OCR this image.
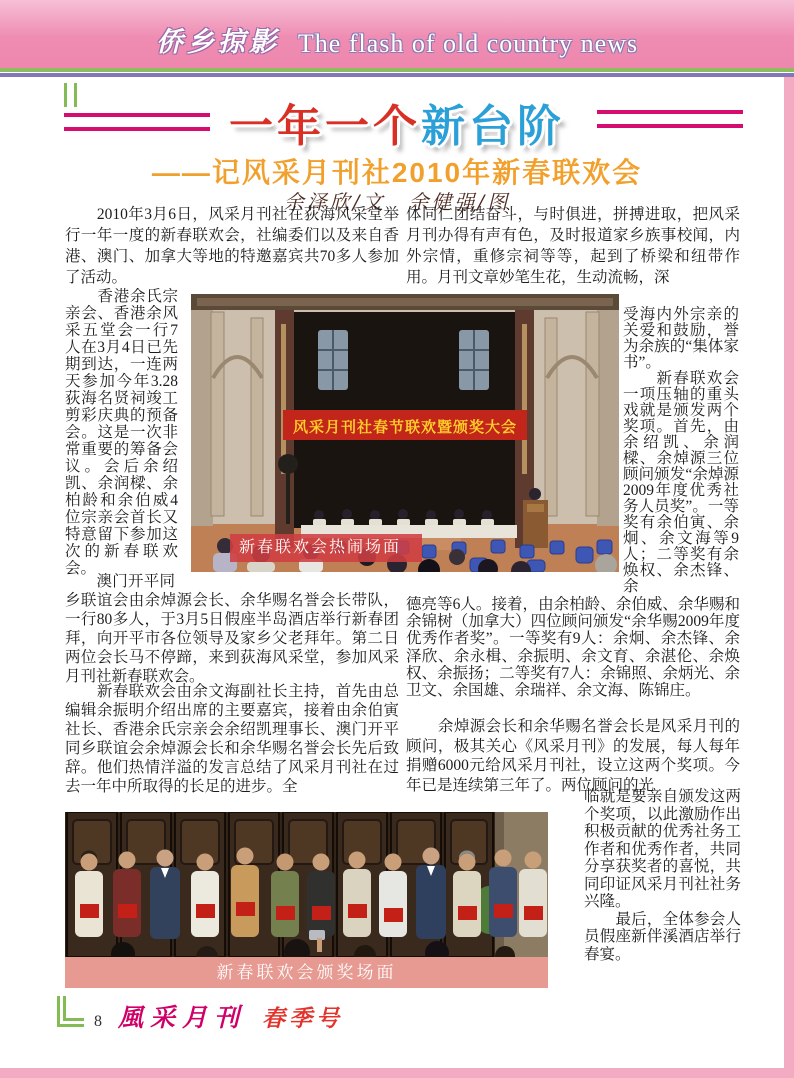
侨乡掠影 The flash of old country news
一年一个新台阶
——记风采月刊社2010年新春联欢会
余泽欣/文　余健强/图
　　2010年3月6日，风采月刊社在荻海风采堂举行一年一度的新春联欢会，社编委们以及来自香港、澳门、加拿大等地的特邀嘉宾共70多人参加了活动。
　　香港余氏宗亲会、香港余风采五堂会一行7人在3月4日已先期到达，一连两天参加今年3.28荻海名贤祠竣工剪彩庆典的预备会。这是一次非常重要的筹备会议。会后余绍凯、余润樑、余柏龄和余伯威4位宗亲会首长又特意留下参加这次的新春联欢会。
　　澳门开平同乡联谊会由余焯源会长、余华赐名誉会长带队，一行80多人，于3月5日假座半岛酒店举行新春团拜，向开平市各位领导及家乡父老拜年。第二日两位会长马不停蹄，来到荻海风采堂，参加风采月刊社新春联欢会。
　　新春联欢会由余文海副社长主持，首先由总编辑余振明介绍出席的主要嘉宾，接着由余伯寅社长、香港余氏宗亲会余绍凯理事长、澳门开平同乡联谊会余焯源会长和余华赐名誉会长先后致辞。他们热情洋溢的发言总结了风采月刊社在过去一年中所取得的长足的进步。全
体同仁团结奋斗，与时俱进，拼搏进取，把风采月刊办得有声有色，及时报道家乡族事校闻，内外宗情，重修宗祠等等，起到了桥梁和纽带作用。月刊文章妙笔生花，生动流畅，深

受海内外宗亲的关爱和鼓励，誉为余族的“集体家书”。

　　新春联欢会一项压轴的重头戏就是颁发两个奖项。首先，由余绍凯、余润樑、余焯源三位顾问颁发“余焯源2009年度优秀社务人员奖”。一等奖有余伯寅、余炯、余文海等9人；二等奖有余焕权、余杰锋、余

德亮等6人。接着，由余柏龄、余伯威、余华赐和余锦树（加拿大）四位顾问颁发“余华赐2009年度优秀作者奖”。一等奖有9人：余炯、余杰锋、余泽欣、余永楫、余振明、余文育、余湛伦、余焕权、余振扬；二等奖有7人：余锦照、余炳光、余卫文、余国雄、余瑞祥、余文海、陈锦庄。
　　余焯源会长和余华赐名誉会长是风采月刊的顾问，极其关心《风采月刊》的发展，每人每年捐赠6000元给风采月刊社，设立这两个奖项。今年已是连续第三年了。两位顾问的光

临就是要亲自颁发这两个奖项，以此激励作出积极贡献的优秀社务工作者和优秀作者，共同分享获奖者的喜悦，共同印证风采月刊社社务兴隆。

　　最后，全体参会人员假座新伴溪酒店举行春宴。

风采月刊社春节联欢暨颁奖大会
新春联欢会热闹场面
新春联欢会颁奖场面
8 風采月刊 春季号
